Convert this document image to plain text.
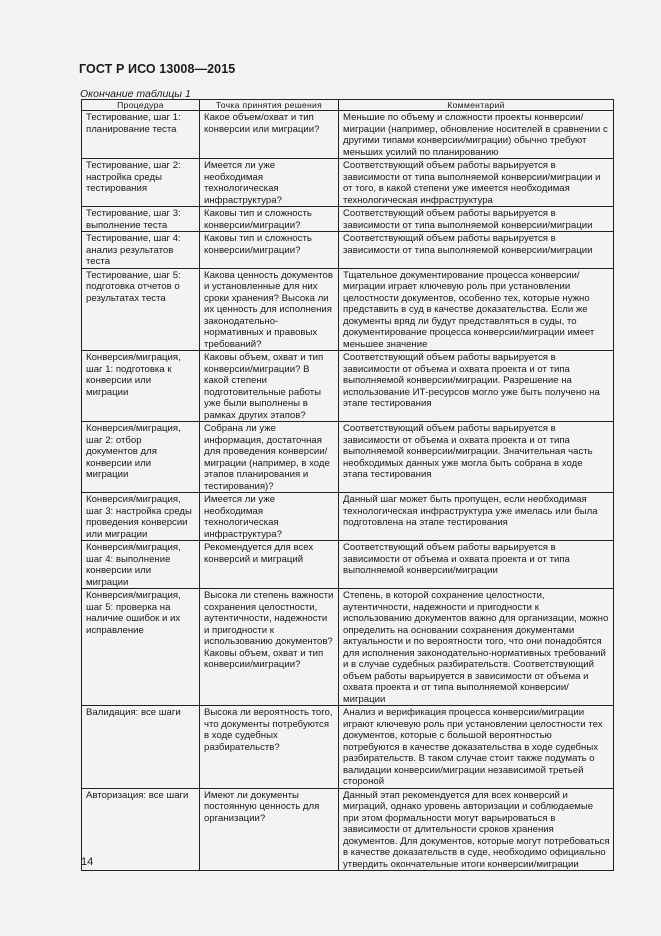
ГОСТ Р ИСО 13008—2015
Окончание таблицы 1
Процедура	Точка принятия решения	Комментарий
Тестирование, шаг 1: планирование теста	Какое объем/охват и тип конверсии или миграции?	Меньшие по объему и сложности проекты конверсии/миграции (например, обновление носителей в сравнении с другими типами конверсии/миграции) обычно требуют меньших усилий по планированию
Тестирование, шаг 2: настройка среды тестирования	Имеется ли уже необходимая технологическая инфраструктура?	Соответствующий объем работы варьируется в зависимости от типа выполняемой конверсии/миграции и от того, в какой степени уже имеется необходимая технологическая инфраструктура
Тестирование, шаг 3: выполнение теста	Каковы тип и сложность конверсии/миграции?	Соответствующий объем работы варьируется в зависимости от типа выполняемой конверсии/миграции
Тестирование, шаг 4: анализ результатов теста	Каковы тип и сложность конверсии/миграции?	Соответствующий объем работы варьируется в зависимости от типа выполняемой конверсии/миграции
Тестирование, шаг 5: подготовка отчетов о результатах теста	Какова ценность документов и установленные для них сроки хранения? Высока ли их ценность для исполнения законодательно-нормативных и правовых требований?	Тщательное документирование процесса конверсии/миграции играет ключевую роль при установлении целостности документов, особенно тех, которые нужно представить в суд в качестве доказательства. Если же документы вряд ли будут представляться в суды, то документирование процесса конверсии/миграции имеет меньшее значение
Конверсия/миграция, шаг 1: подготовка к конверсии или миграции	Каковы объем, охват и тип конверсии/миграции? В какой степени подготовительные работы уже были выполнены в рамках других этапов?	Соответствующий объем работы варьируется в зависимости от объема и охвата проекта и от типа выполняемой конверсии/миграции. Разрешение на использование ИТ-ресурсов могло уже быть получено на этапе тестирования
Конверсия/миграция, шаг 2: отбор документов для конверсии или миграции	Собрана ли уже информация, достаточная для проведения конверсии/миграции (например, в ходе этапов планирования и тестирования)?	Соответствующий объем работы варьируется в зависимости от объема и охвата проекта и от типа выполняемой конверсии/миграции. Значительная часть необходимых данных уже могла быть собрана в ходе этапа тестирования
Конверсия/миграция, шаг 3: настройка среды проведения конверсии или миграции	Имеется ли уже необходимая технологическая инфраструктура?	Данный шаг может быть пропущен, если необходимая технологическая инфраструктура уже имелась или была подготовлена на этапе тестирования
Конверсия/миграция, шаг 4: выполнение конверсии или миграции	Рекомендуется для всех конверсий и миграций	Соответствующий объем работы варьируется в зависимости от объема и охвата проекта и от типа выполняемой конверсии/миграции
Конверсия/миграция, шаг 5: проверка на наличие ошибок и их исправление	Высока ли степень важности сохранения целостности, аутентичности, надежности и пригодности к использованию документов? Каковы объем, охват и тип конверсии/миграции?	Степень, в которой сохранение целостности, аутентичности, надежности и пригодности к использованию документов важно для организации, можно определить на основании сохранения документами актуальности и по вероятности того, что они понадобятся для исполнения законодательно-нормативных требований и в случае судебных разбирательств. Соответствующий объем работы варьируется в зависимости от объема и охвата проекта и от типа выполняемой конверсии/миграции
Валидация: все шаги	Высока ли вероятность того, что документы потребуются в ходе судебных разбирательств?	Анализ и верификация процесса конверсии/миграции играют ключевую роль при установлении целостности тех документов, которые с большой вероятностью потребуются в качестве доказательства в ходе судебных разбирательств. В таком случае стоит также подумать о валидации конверсии/миграции независимой третьей стороной
Авторизация: все шаги	Имеют ли документы постоянную ценность для организации?	Данный этап рекомендуется для всех конверсий и миграций, однако уровень авторизации и соблюдаемые при этом формальности могут варьироваться в зависимости от длительности сроков хранения документов. Для документов, которые могут потребоваться в качестве доказательств в суде, необходимо официально утвердить окончательные итоги конверсии/миграции
14
